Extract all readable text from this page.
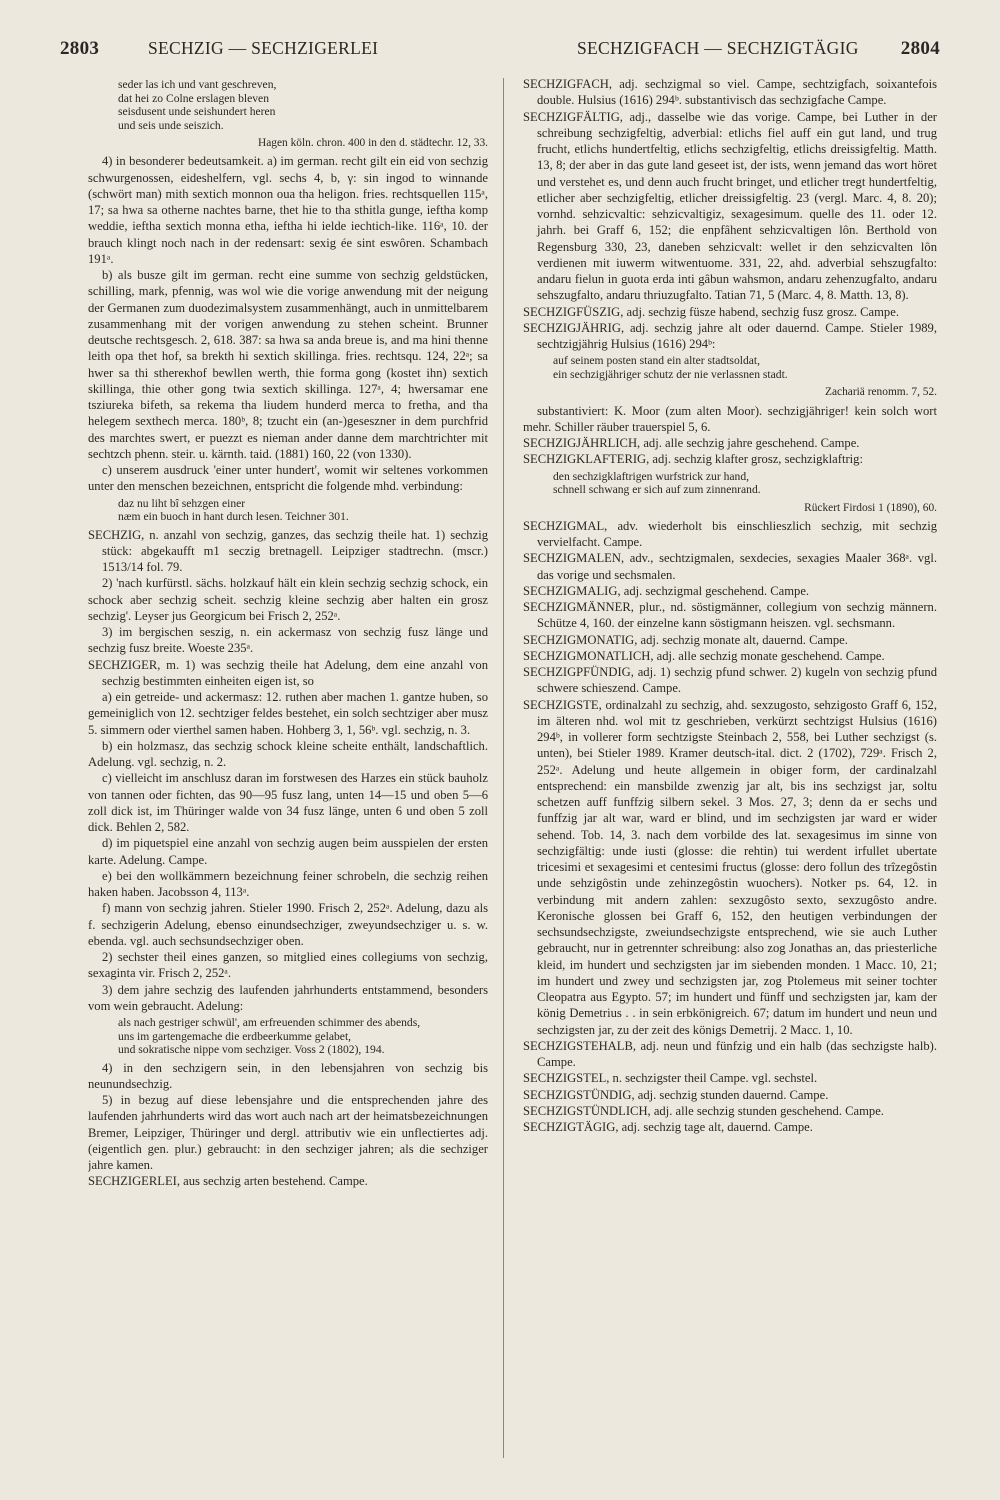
2803	SECHZIG — SECHZIGERLEI	SECHZIGFACH — SECHZIGTÄGIG 2804

seder las ich und vant geschreven,
dat hei zo Colne erslagen bleven
seisdusent unde seishundert heren
und seis unde seiszich.

Hagen köln. chron. 400 in den d. städtechr. 12, 33.

4) in besonderer bedeutsamkeit. a) im german. recht gilt ein eid von sechzig schwurgenossen, eideshelfern, vgl. sechs 4, b, γ: sin ingod to winnande (schwört man) mith sextich monnon oua tha heligon. fries. rechtsquellen 115ᵃ, 17; sa hwa sa otherne nachtes barne, thet hie to tha sthitla gunge, iefthа komp weddie, iefthа sextich monna etha, iefthа hi ielde iechtich-like. 116ᵃ, 10. der brauch klingt noch nach in der redensart: sexig ée sint eswôren. Schambach 191ᵃ.

b) als busze gilt im german. recht eine summe von sechzig geldstücken, schilling, mark, pfennig, was wol wie die vorige anwendung mit der neigung der Germanen zum duodezimalsystem zusammenhängt, auch in unmittelbarem zusammenhang mit der vorigen anwendung zu stehen scheint. Brunner deutsche rechtsgesch. 2, 618. 387: sa hwa sa anda breue is, and ma hini thenne leith opa thet hof, sa brekth hi sextich skillinga. fries. rechtsqu. 124, 22ᵃ; sa hwer sa thi sthereкhof bewllen werth, thie forma gong (kostet ihn) sextich skillinga, thie other gong twia sextich skillinga. 127ᵃ, 4; hwersamar ene tsziureka bifeth, sa rekema tha liudem hunderd merca to fretha, and tha helegem sexthech merca. 180ᵇ, 8; tzucht ein (an-)geseszner in dem purchfrid des marchtes swert, er puezzt es nieman ander danne dem marchtrichter mit sechtzch phenn. steir. u. kärnth. taid. (1881) 160, 22 (von 1330).

c) unserem ausdruck 'einer unter hundert', womit wir seltenes vorkommen unter den menschen bezeichnen, entspricht die folgende mhd. verbindung:

daz nu liht bî sehzgen einer
næm ein buoch in hant durch lesen. Teichner 301.

SECHZIG, n. anzahl von sechzig, ganzes, das sechzig theile hat. 1) sechzig stück: abgekaufft m1 seczig bretnagell. Leipziger stadtrechn. (mscr.) 1513/14 fol. 79.

2) 'nach kurfürstl. sächs. holzkauf hält ein klein sechzig sechzig schock, ein schock aber sechzig scheit. sechzig kleine sechzig aber halten ein grosz sechzig'. Leyser jus Georgicum bei Frisch 2, 252ᵃ.

3) im bergischen seszig, n. ein ackermasz von sechzig fusz länge und sechzig fusz breite. Woeste 235ᵃ.

SECHZIGER, m. 1) was sechzig theile hat Adelung, dem eine anzahl von sechzig bestimmten einheiten eigen ist, so

a) ein getreide- und ackermasz: 12. ruthen aber machen 1. gantze huben, so gemeiniglich von 12. sechtziger feldes bestehet, ein solch sechtziger aber musz 5. simmern oder vierthel samen haben. Hohberg 3, 1, 56ᵇ. vgl. sechzig, n. 3.

b) ein holzmasz, das sechzig schock kleine scheite enthält, landschaftlich. Adelung. vgl. sechzig, n. 2.

c) vielleicht im anschlusz daran im forstwesen des Harzes ein stück bauholz von tannen oder fichten, das 90—95 fusz lang, unten 14—15 und oben 5—6 zoll dick ist, im Thüringer walde von 34 fusz länge, unten 6 und oben 5 zoll dick. Behlen 2, 582.

d) im piquetspiel eine anzahl von sechzig augen beim ausspielen der ersten karte. Adelung. Campe.

e) bei den wollkämmern bezeichnung feiner schrobeln, die sechzig reihen haken haben. Jacobsson 4, 113ᵃ.

f) mann von sechzig jahren. Stieler 1990. Frisch 2, 252ᵃ. Adelung, dazu als f. sechzigerin Adelung, ebenso einundsechziger, zweyundsechziger u. s. w. ebenda. vgl. auch sechsundsechziger oben.

2) sechster theil eines ganzen, so mitglied eines collegiums von sechzig, sexaginta vir. Frisch 2, 252ᵃ.

3) dem jahre sechzig des laufenden jahrhunderts entstammend, besonders vom wein gebraucht. Adelung:

als nach gestriger schwül', am erfreuenden schimmer des abends,
uns im gartengemache die erdbeerkumme gelabet,
und sokratische nippe vom sechziger. Voss 2 (1802), 194.

4) in den sechzigern sein, in den lebensjahren von sechzig bis neunundsechzig.

5) in bezug auf diese lebensjahre und die entsprechenden jahre des laufenden jahrhunderts wird das wort auch nach art der heimatsbezeichnungen Bremer, Leipziger, Thüringer und dergl. attributiv wie ein unflectiertes adj. (eigentlich gen. plur.) gebraucht: in den sechziger jahren; als die sechziger jahre kamen.

SECHZIGERLEI, aus sechzig arten bestehend. Campe.

SECHZIGFACH, adj. sechzigmal so viel. Campe, sechtzigfach, soixantefois double. Hulsius (1616) 294ᵇ. substantivisch das sechzigfache Campe.

SECHZIGFÄLTIG, adj., dasselbe wie das vorige. Campe, bei Luther in der schreibung sechzigfeltig, adverbial: etlichs fiel auff ein gut land, und trug frucht, etlichs hundertfeltig, etlichs sechzigfeltig, etlichs dreissigfeltig. Matth. 13, 8; der aber in das gute land geseet ist, der ists, wenn jemand das wort höret und verstehet es, und denn auch frucht bringet, und etlicher tregt hundertfeltig, etlicher aber sechzigfeltig, etlicher dreissigfeltig. 23 (vergl. Marc. 4, 8. 20); vornhd. sehzicvaltic: sehzicvaltigiz, sexagesimum. quelle des 11. oder 12. jahrh. bei Graff 6, 152; die enpfâhent sehzicvaltigen lôn. Berthold von Regensburg 330, 23, daneben sehzicvalt: wellet ir den sehzicvalten lôn verdienen mit iuwerm witwentuome. 331, 22, ahd. adverbial sehszugfalto: andaru fielun in guota erda inti gâbun wahsmon, andaru zehenzugfalto, andaru sehszugfalto, andaru thriuzugfalto. Tatian 71, 5 (Marc. 4, 8. Matth. 13, 8).

SECHZIGFÜSZIG, adj. sechzig füsze habend, sechzig fusz grosz. Campe.

SECHZIGJÄHRIG, adj. sechzig jahre alt oder dauernd. Campe. Stieler 1989, sechtzigjährig Hulsius (1616) 294ᵇ:

auf seinem posten stand ein alter stadtsoldat,
ein sechzigjähriger schutz der nie verlassnen stadt.

Zachariä renomm. 7, 52.

substantiviert: K. Moor (zum alten Moor). sechzigjähriger! kein solch wort mehr. Schiller räuber trauerspiel 5, 6.

SECHZIGJÄHRLICH, adj. alle sechzig jahre geschehend. Campe.

SECHZIGKLAFTERIG, adj. sechzig klafter grosz, sechzigklaftrig:

den sechzigklaftrigen wurfstrick zur hand,
schnell schwang er sich auf zum zinnenrand.

Rückert Firdosi 1 (1890), 60.

SECHZIGMAL, adv. wiederholt bis einschlieszlich sechzig, mit sechzig vervielfacht. Campe.

SECHZIGMALEN, adv., sechtzigmalen, sexdecies, sexagies Maaler 368ᵃ. vgl. das vorige und sechsmalen.

SECHZIGMALIG, adj. sechzigmal geschehend. Campe.

SECHZIGMÄNNER, plur., nd. söstigmänner, collegium von sechzig männern. Schütze 4, 160. der einzelne kann söstigmann heiszen. vgl. sechsmann.

SECHZIGMONATIG, adj. sechzig monate alt, dauernd. Campe.

SECHZIGMONATLICH, adj. alle sechzig monate geschehend. Campe.

SECHZIGPFÜNDIG, adj. 1) sechzig pfund schwer. 2) kugeln von sechzig pfund schwere schieszend. Campe.

SECHZIGSTE, ordinalzahl zu sechzig, ahd. sexzugosto, sehzigosto Graff 6, 152, im älteren nhd. wol mit tz geschrieben, verkürzt sechtzigst Hulsius (1616) 294ᵇ, in vollerer form sechtzigste Steinbach 2, 558, bei Luther sechzigst (s. unten), bei Stieler 1989. Kramer deutsch-ital. dict. 2 (1702), 729ᵃ. Frisch 2, 252ᵃ. Adelung und heute allgemein in obiger form, der cardinalzahl entsprechend: ein mansbilde zwenzig jar alt, bis ins sechzigst jar, soltu schetzen auff funffzig silbern sekel. 3 Mos. 27, 3; denn da er sechs und funffzig jar alt war, ward er blind, und im sechzigsten jar ward er wider sehend. Tob. 14, 3. nach dem vorbilde des lat. sexagesimus im sinne von sechzigfältig: unde iusti (glosse: die rehtin) tui werdent irfullet ubertate tricesimi et sexagesimi et centesimi fructus (glosse: dero follun des trîzegôstin unde sehzigôstin unde zehinzegôstin wuochers). Notker ps. 64, 12. in verbindung mit andern zahlen: sexzugôsto sexto, sexzugôsto andre. Keronische glossen bei Graff 6, 152, den heutigen verbindungen der sechsundsechzigste, zweiundsechzigste entsprechend, wie sie auch Luther gebraucht, nur in getrennter schreibung: also zog Jonathas an, das priesterliche kleid, im hundert und sechzigsten jar im siebenden monden. 1 Macc. 10, 21; im hundert und zwey und sechzigsten jar, zog Ptolemeus mit seiner tochter Cleopatra aus Egypto. 57; im hundert und fünff und sechzigsten jar, kam der könig Demetrius . . in sein erbkönigreich. 67; datum im hundert und neun und sechzigsten jar, zu der zeit des königs Demetrij. 2 Macc. 1, 10.

SECHZIGSTEHALB, adj. neun und fünfzig und ein halb (das sechzigste halb). Campe.

SECHZIGSTEL, n. sechzigster theil Campe. vgl. sechstel.

SECHZIGSTÜNDIG, adj. sechzig stunden dauernd. Campe.

SECHZIGSTÜNDLICH, adj. alle sechzig stunden geschehend. Campe.

SECHZIGTÄGIG, adj. sechzig tage alt, dauernd. Campe.
